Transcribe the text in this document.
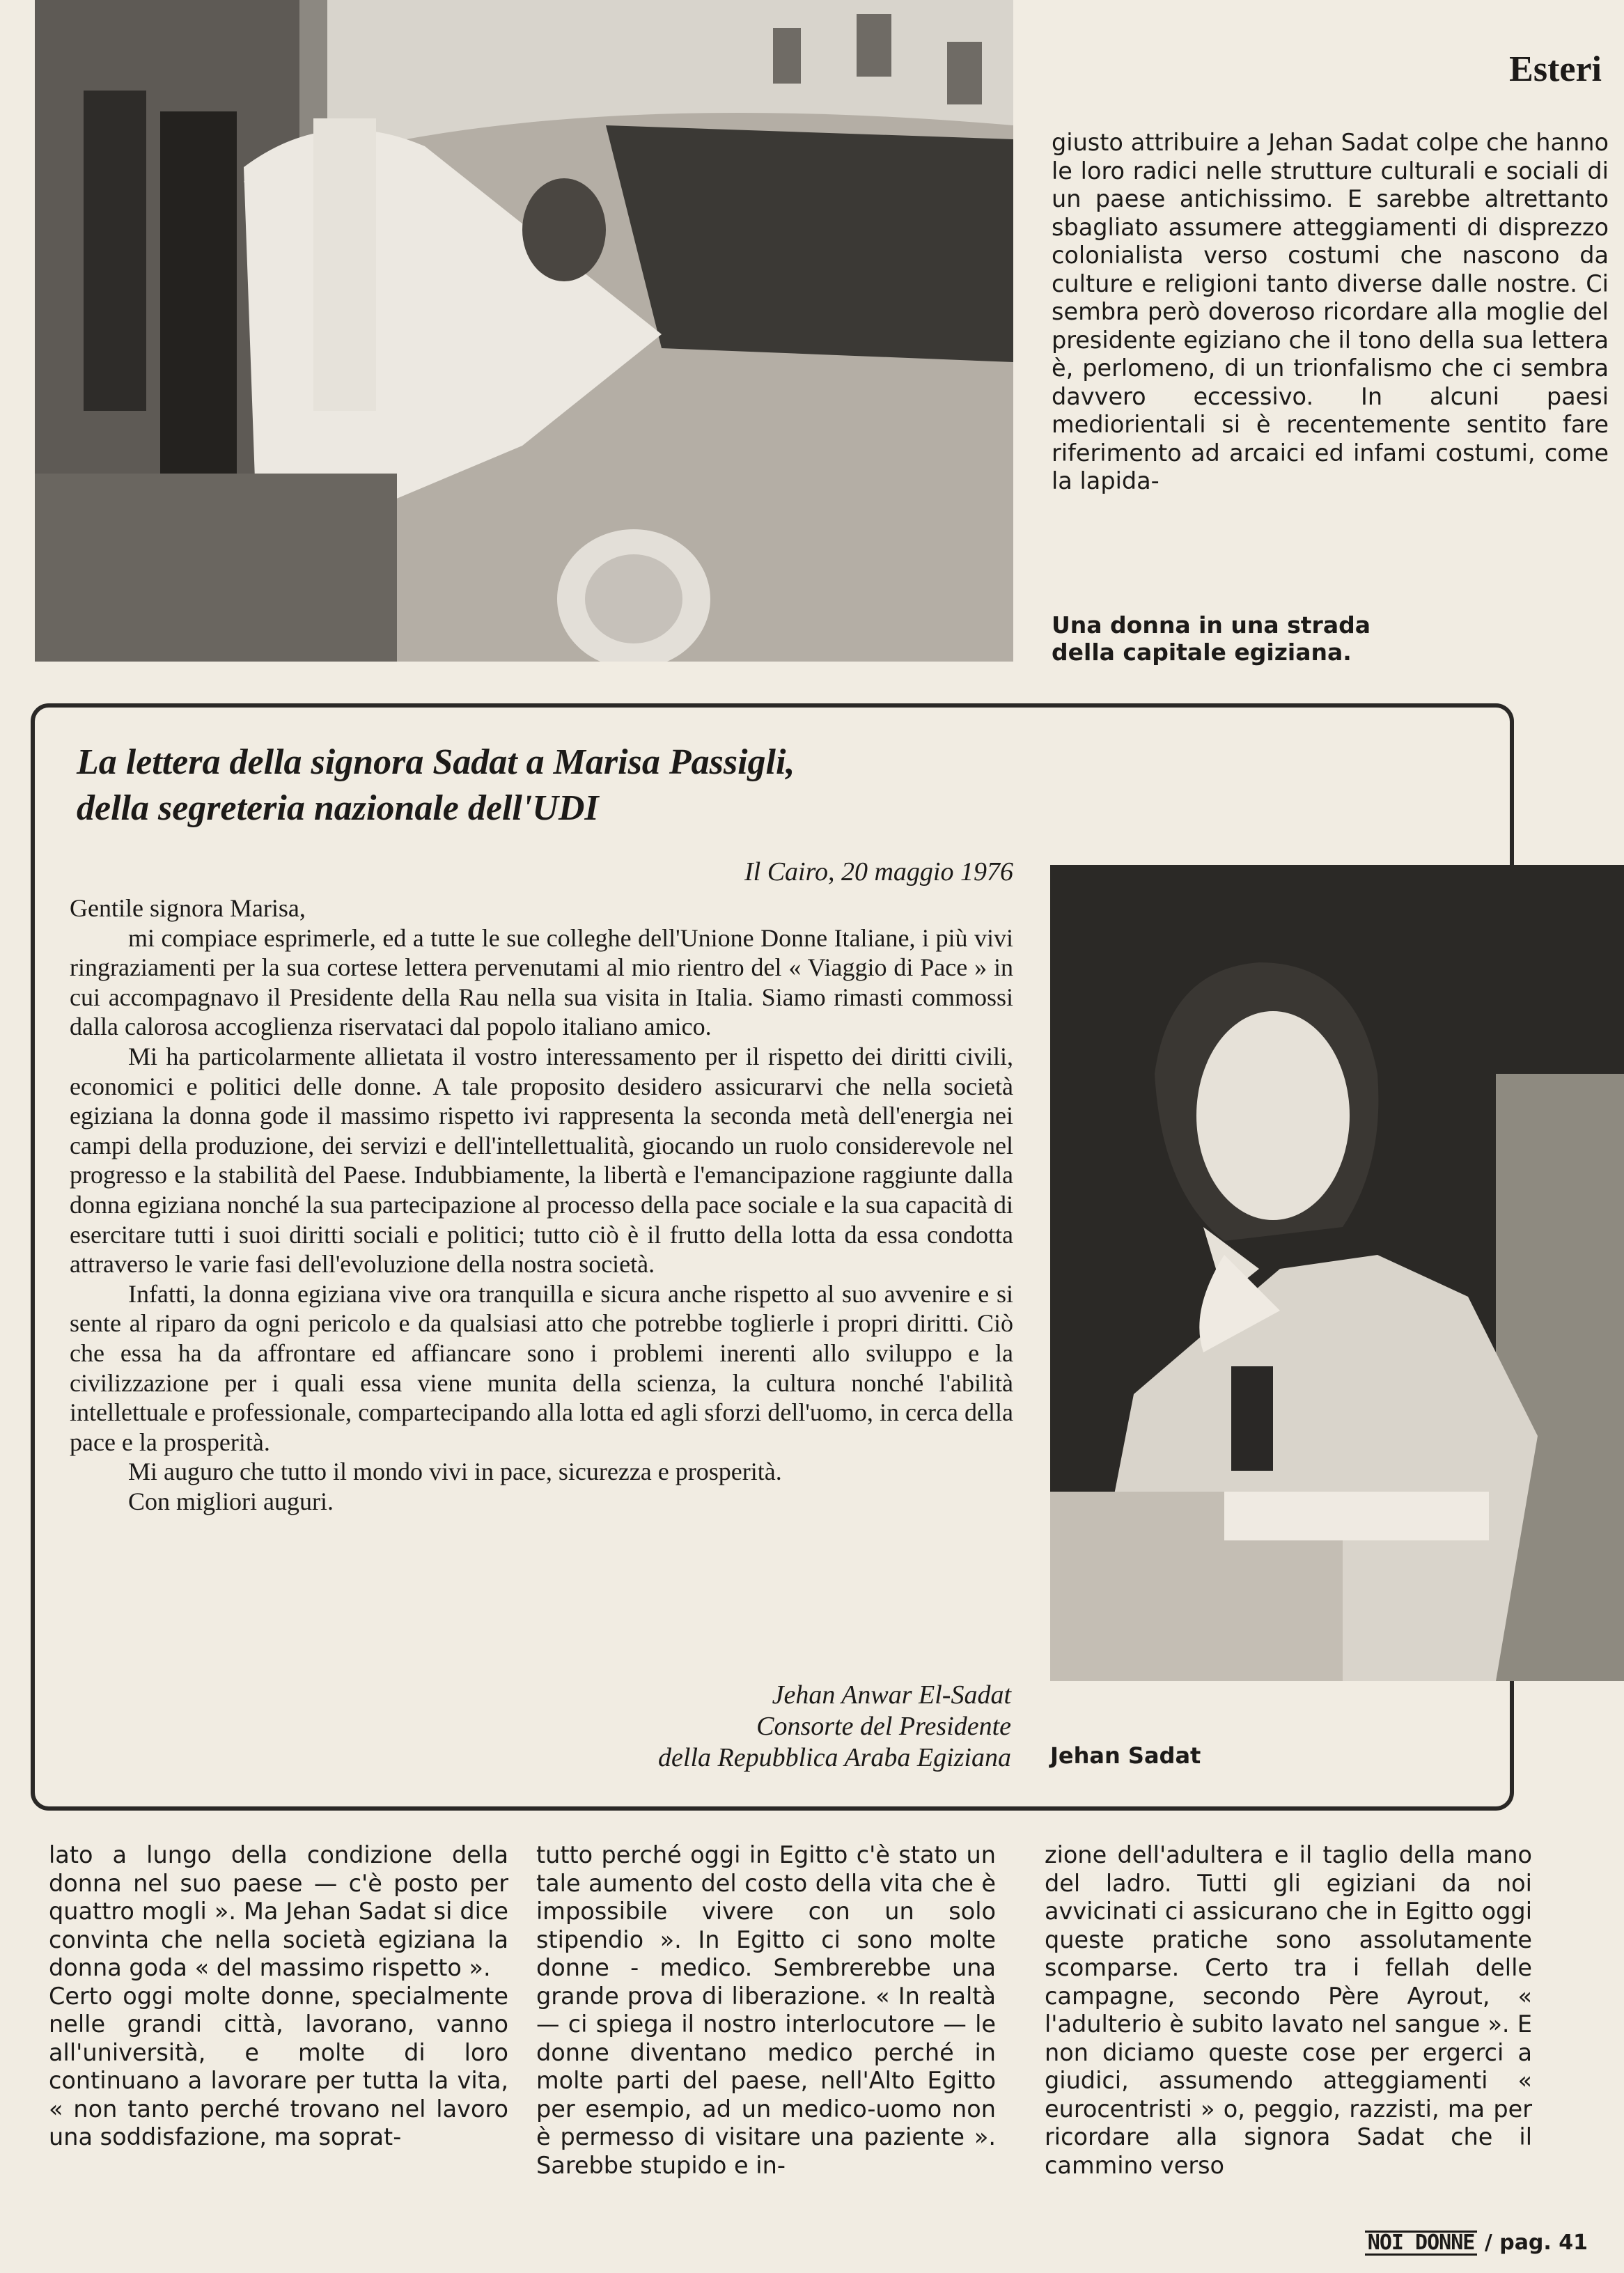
Esteri
giusto attribuire a Jehan Sadat colpe che hanno le loro radici nelle strutture culturali e sociali di un paese antichissimo. E sarebbe altrettanto sbagliato assumere atteggiamenti di disprezzo colonialista verso costumi che nascono da culture e religioni tanto diverse dalle nostre. Ci sembra però doveroso ricordare alla moglie del presidente egiziano che il tono della sua lettera è, perlomeno, di un trionfalismo che ci sembra davvero eccessivo. In alcuni paesi mediorientali si è recentemente sentito fare riferimento ad arcaici ed infami costumi, come la lapida-
Una donna in una strada
della capitale egiziana.
La lettera della signora Sadat a Marisa Passigli,
della segreteria nazionale dell'UDI
Il Cairo, 20 maggio 1976

Gentile signora Marisa,

mi compiace esprimerle, ed a tutte le sue colleghe dell'Unione Donne Italiane, i più vivi ringraziamenti per la sua cortese lettera pervenutami al mio rientro del « Viaggio di Pace » in cui accompagnavo il Presidente della Rau nella sua visita in Italia. Siamo rimasti commossi dalla calorosa accoglienza riservataci dal popolo italiano amico.

Mi ha particolarmente allietata il vostro interessamento per il rispetto dei diritti civili, economici e politici delle donne. A tale proposito desidero assicurarvi che nella società egiziana la donna gode il massimo rispetto ivi rappresenta la seconda metà dell'energia nei campi della produzione, dei servizi e dell'intellettualità, giocando un ruolo considerevole nel progresso e la stabilità del Paese. Indubbiamente, la libertà e l'emancipazione raggiunte dalla donna egiziana nonché la sua partecipazione al processo della pace sociale e la sua capacità di esercitare tutti i suoi diritti sociali e politici; tutto ciò è il frutto della lotta da essa condotta attraverso le varie fasi dell'evoluzione della nostra società.

Infatti, la donna egiziana vive ora tranquilla e sicura anche rispetto al suo avvenire e si sente al riparo da ogni pericolo e da qualsiasi atto che potrebbe toglierle i propri diritti. Ciò che essa ha da affrontare ed affiancare sono i problemi inerenti allo sviluppo e la civilizzazione per i quali essa viene munita della scienza, la cultura nonché l'abilità intellettuale e professionale, compartecipando alla lotta ed agli sforzi dell'uomo, in cerca della pace e la prosperità.

Mi auguro che tutto il mondo vivi in pace, sicurezza e prosperità.

Con migliori auguri.

Jehan Anwar El-Sadat
Consorte del Presidente
della Repubblica Araba Egiziana Jehan Sadat
lato a lungo della condizione della donna nel suo paese — c'è posto per quattro mogli ». Ma Jehan Sadat si dice convinta che nella società egiziana la donna goda « del massimo rispetto ».
Certo oggi molte donne, specialmente nelle grandi città, lavorano, vanno all'università, e molte di loro continuano a lavorare per tutta la vita, « non tanto perché trovano nel lavoro una soddisfazione, ma soprat-
tutto perché oggi in Egitto c'è stato un tale aumento del costo della vita che è impossibile vivere con un solo stipendio ». In Egitto ci sono molte donne - medico. Sembrerebbe una grande prova di liberazione. « In realtà — ci spiega il nostro interlocutore — le donne diventano medico perché in molte parti del paese, nell'Alto Egitto per esempio, ad un medico-uomo non è permesso di visitare una paziente ». Sarebbe stupido e in-
zione dell'adultera e il taglio della mano del ladro. Tutti gli egiziani da noi avvicinati ci assicurano che in Egitto oggi queste pratiche sono assolutamente scomparse. Certo tra i fellah delle campagne, secondo Père Ayrout, « l'adulterio è subito lavato nel sangue ». E non diciamo queste cose per ergerci a giudici, assumendo atteggiamenti « eurocentristi » o, peggio, razzisti, ma per ricordare alla signora Sadat che il cammino verso
NOI DONNE / pag. 41
